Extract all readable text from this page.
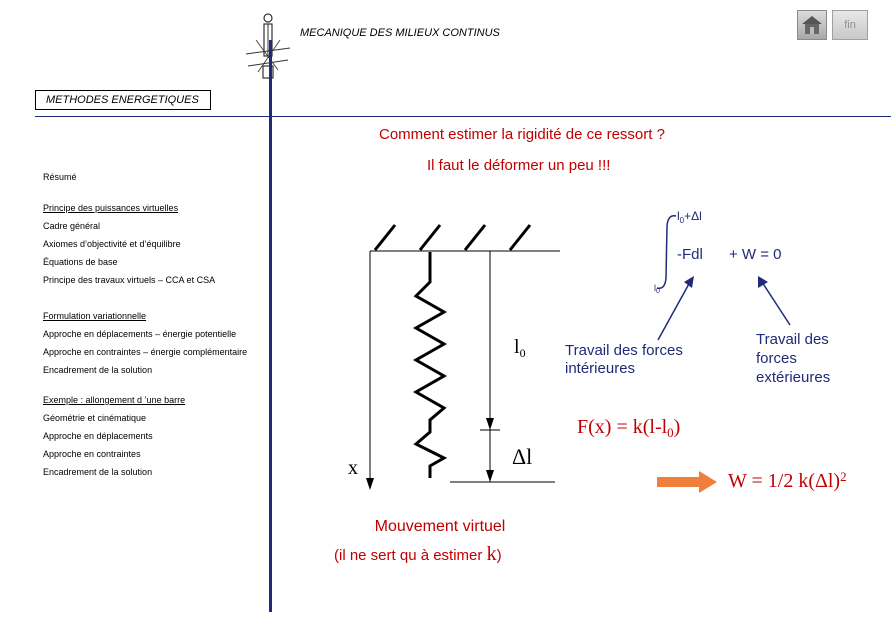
MECANIQUE DES MILIEUX CONTINUS
fin
METHODES ENERGETIQUES
Résumé
Principe des puissances virtuelles
Cadre général
Axiomes d’objectivité et d’équilibre
Équations de base
Principe des travaux virtuels – CCA et CSA
Formulation variationnelle
Approche en déplacements – énergie potentielle
Approche en contraintes – énergie complémentaire
Encadrement de la solution
Exemple : allongement d ’une barre
Géométrie et cinématique
Approche en déplacements
Approche en contraintes
Encadrement de la solution
Comment estimer la rigidité de ce ressort ?
Il faut le déformer un peu !!!
$l_0$
Δl
x
$l_0+\Delta l$
$l_0$
-Fdl + W = 0
Travail des forces intérieures
Travail des forces extérieures
$F(x) = k(l-l_0)$
W = 1/2 $k(\Delta l)^2$
Mouvement virtuel
(il ne sert qu à estimer k)
